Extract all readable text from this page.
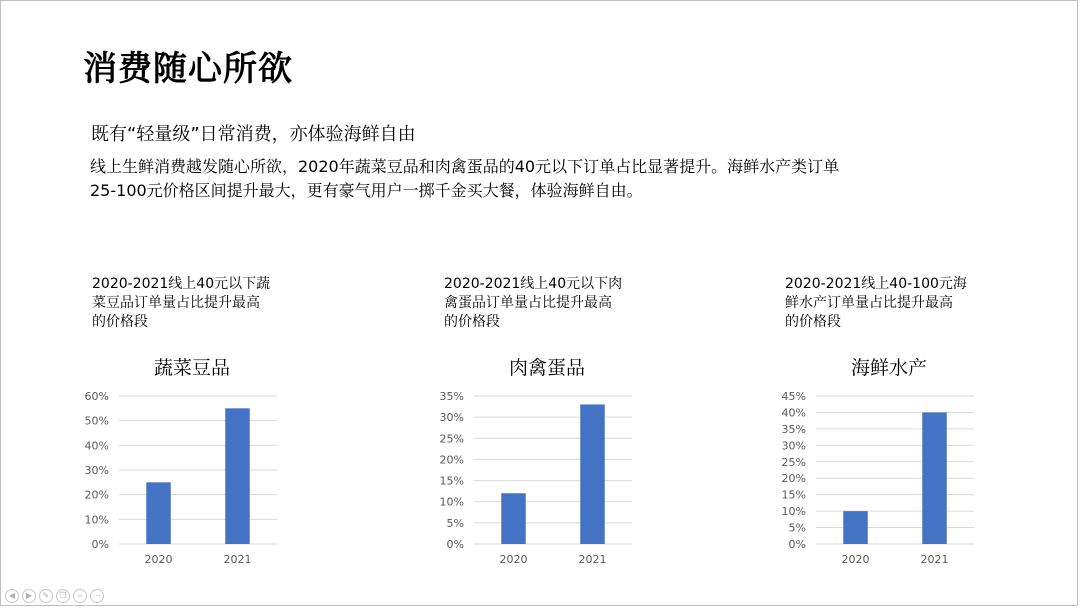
消费随心所欲
既有“轻量级”日常消费，亦体验海鲜自由
线上生鲜消费越发随心所欲，2020年蔬菜豆品和肉禽蛋品的40元以下订单占比显著提升。海鲜水产类订单
25-100元价格区间提升最大，更有豪气用户一掷千金买大餐，体验海鲜自由。
2020-2021线上40元以下蔬
菜豆品订单量占比提升最高
的价格段
2020-2021线上40元以下肉
禽蛋品订单量占比提升最高
的价格段
2020-2021线上40-100元海
鲜水产订单量占比提升最高
的价格段
蔬菜豆品
0%
10%
20%
30%
40%
50%
60%
2020	2021
肉禽蛋品
0%
5%
10%
15%
20%
25%
30%
35%
2020	2021
海鲜水产
0%
5%
10%
15%
20%
25%
30%
35%
40%
45%
2020	2021
◀	▶	✎	❐	⌕	⋯
